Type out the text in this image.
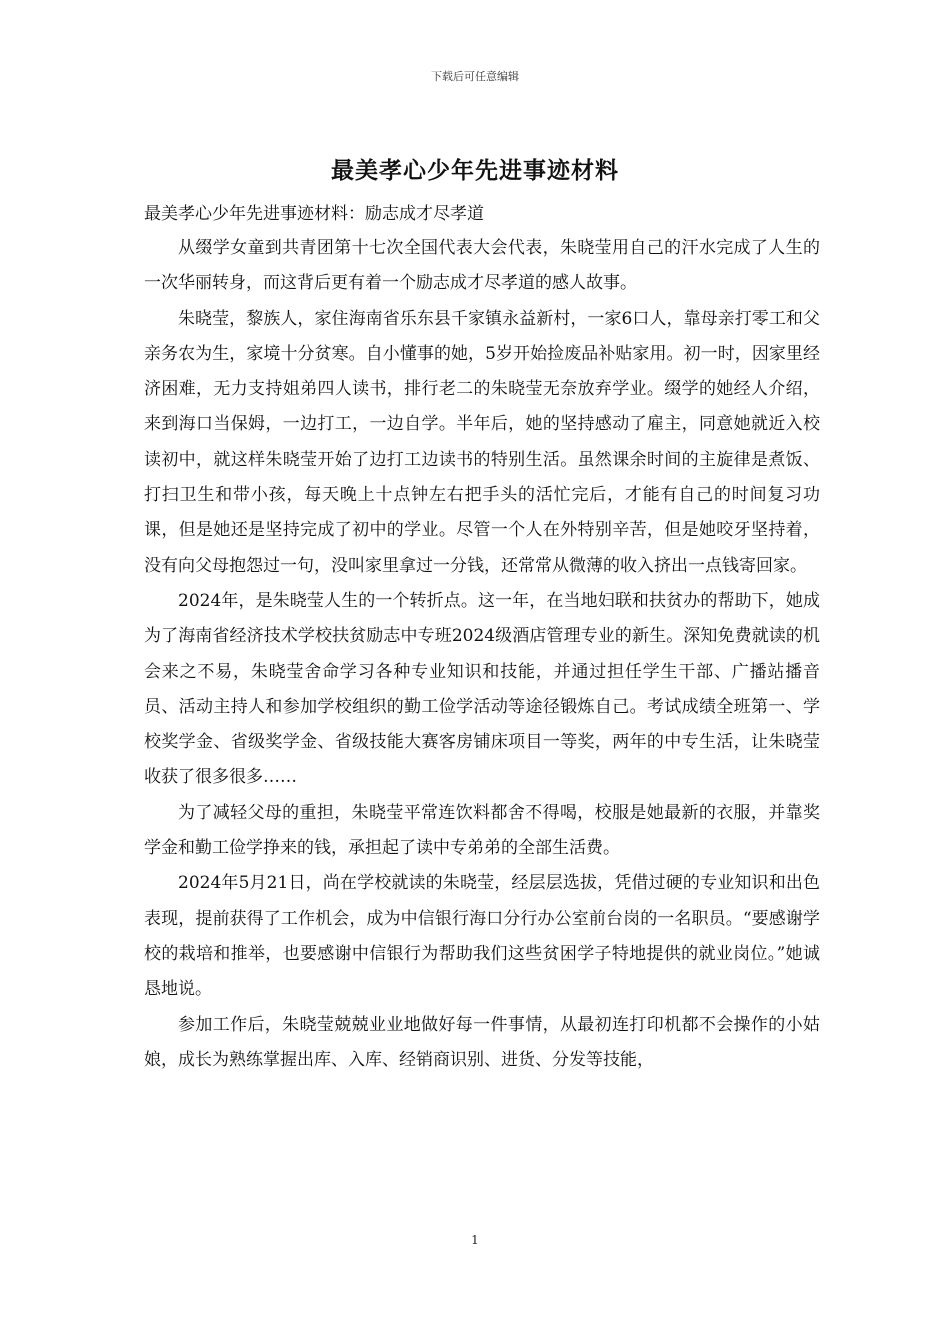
下载后可任意编辑
最美孝心少年先进事迹材料

最美孝心少年先进事迹材料：励志成才尽孝道

从缀学女童到共青团第十七次全国代表大会代表，朱晓莹用自己的汗水完成了人生的一次华丽转身，而这背后更有着一个励志成才尽孝道的感人故事。

朱晓莹，黎族人，家住海南省乐东县千家镇永益新村，一家6口人，靠母亲打零工和父亲务农为生，家境十分贫寒。自小懂事的她，5岁开始捡废品补贴家用。初一时，因家里经济困难，无力支持姐弟四人读书，排行老二的朱晓莹无奈放弃学业。缀学的她经人介绍，来到海口当保姆，一边打工，一边自学。半年后，她的坚持感动了雇主，同意她就近入校读初中，就这样朱晓莹开始了边打工边读书的特别生活。虽然课余时间的主旋律是煮饭、打扫卫生和带小孩，每天晚上十点钟左右把手头的活忙完后，才能有自己的时间复习功课，但是她还是坚持完成了初中的学业。尽管一个人在外特别辛苦，但是她咬牙坚持着，没有向父母抱怨过一句，没叫家里拿过一分钱，还常常从微薄的收入挤出一点钱寄回家。

2024年，是朱晓莹人生的一个转折点。这一年，在当地妇联和扶贫办的帮助下，她成为了海南省经济技术学校扶贫励志中专班2024级酒店管理专业的新生。深知免费就读的机会来之不易，朱晓莹舍命学习各种专业知识和技能，并通过担任学生干部、广播站播音员、活动主持人和参加学校组织的勤工俭学活动等途径锻炼自己。考试成绩全班第一、学校奖学金、省级奖学金、省级技能大赛客房铺床项目一等奖，两年的中专生活，让朱晓莹收获了很多很多……

为了减轻父母的重担，朱晓莹平常连饮料都舍不得喝，校服是她最新的衣服，并靠奖学金和勤工俭学挣来的钱，承担起了读中专弟弟的全部生活费。

2024年5月21日，尚在学校就读的朱晓莹，经层层选拔，凭借过硬的专业知识和出色表现，提前获得了工作机会，成为中信银行海口分行办公室前台岗的一名职员。“要感谢学校的栽培和推举，也要感谢中信银行为帮助我们这些贫困学子特地提供的就业岗位。”她诚恳地说。

参加工作后，朱晓莹兢兢业业地做好每一件事情，从最初连打印机都不会操作的小姑娘，成长为熟练掌握出库、入库、经销商识别、进货、分发等技能，

1
